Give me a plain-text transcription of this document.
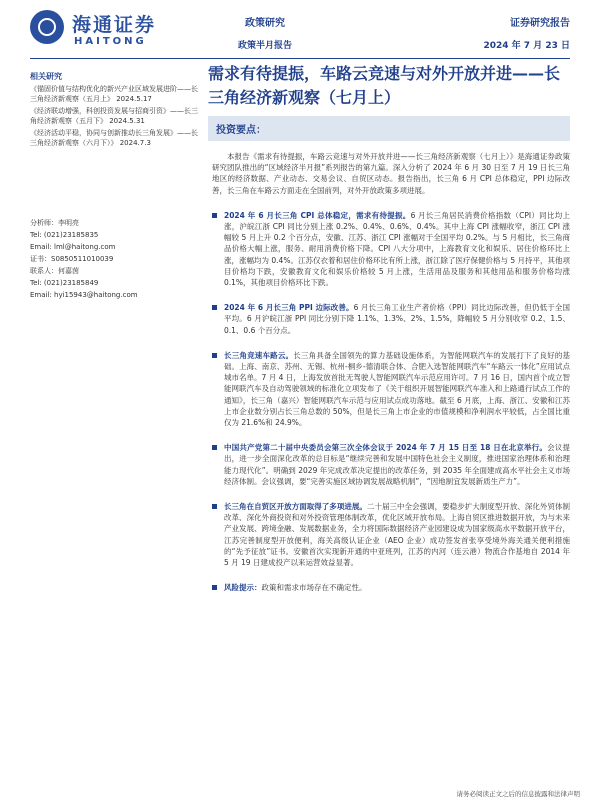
海通证券
HAITONG
政策研究
政策半月报告
证券研究报告
2024 年 7 月 23 日
相关研究
《锚固价值与结构优化的新兴产业区域发展进阶——长三角经济新观察（五月上》 2024.5.17
《经济联动增强，科创投资发展与招商引资》——长三角经济新观察（五月下》 2024.5.31
《经济活动平稳，协同与创新推动长三角发展》——长三角经济新观察（六月下）》 2024.7.3
分析师：李明亮
Tel: (021)23185835
Email: lml@haitong.com
证书：S0850511010039
联系人：何嘉茵
Tel: (021)23185849
Email: hyi15943@haitong.com
需求有待提振，车路云竞速与对外开放并进——长三角经济新观察（七月上）
投资要点：

本报告《需求有待提振，车路云竞速与对外开放并进——长三角经济新观察（七月上）》是海通证券政策研究团队推出的“区域经济半月报”系列报告的第九篇。深入分析了 2024 年 6 月 30 日至 7 月 19 日长三角地区的经济数据、产业动态、交易会议、自贸区动态。报告指出，长三角 6 月 CPI 总体稳定，PPI 边际改善，长三角在车路云方面走在全国前列，对外开放政策多项进展。

2024 年 6 月长三角 CPI 总体稳定，需求有待提振。6 月长三角居民消费价格指数（CPI）同比均上涨，沪皖江浙 CPI 同比分别上涨 0.2%、0.4%、0.6%、0.4%。其中上海 CPI 涨幅收窄，浙江 CPI 涨幅较 5 月上升 0.2 个百分点，安徽、江苏、浙江 CPI 涨幅对于全国平均 0.2%。与 5 月相比，长三角商品价格大幅上涨，服务、耐用消费价格下降。CPI 八大分项中，上海教育文化和娱乐、居住价格环比上涨，涨幅均为 0.4%。江苏仅衣着和居住价格环比有所上涨，浙江除了医疗保健价格与 5 月持平，其他项目价格均下跌，安徽教育文化和娱乐价格较 5 月上涨，生活用品及服务和其他用品和服务价格均涨 0.1%，其他项目价格环比下跌。
2024 年 6 月长三角 PPI 边际改善。6 月长三角工业生产者价格（PPI）同比边际改善，但仍低于全国平均。6 月沪皖江浙 PPI 同比分别下降 1.1%、1.3%、2%、1.5%，降幅较 5 月分别收窄 0.2、1.5、0.1、0.6 个百分点。
长三角竞速车路云。长三角具备全国领先的算力基础设施体系，为智能网联汽车的发展打下了良好的基础。上海、南京、苏州、无锡、杭州-桐乡-德清联合体、合肥入选智能网联汽车“车路云一体化”应用试点城市名单。7 月 4 日，上海发放首批无驾驶人智能网联汽车示范应用许可。7 月 16 日，国内首个成立智能网联汽车及自动驾驶领域的标准化立项发布了《关于组织开展智能网联汽车准入和上路通行试点工作的通知》，长三角（嘉兴）智能网联汽车示范与应用试点成功落地。截至 6 月底，上海、浙江、安徽和江苏上市企业数分别占长三角总数的 50%，但是长三角上市企业的市值规模和净利润水平较低，占全国比重仅为 21.6%和 24.9%。
中国共产党第二十届中央委员会第三次全体会议于 2024 年 7 月 15 日至 18 日在北京举行。会议提出，进一步全面深化改革的总目标是“继续完善和发展中国特色社会主义制度，推进国家治理体系和治理能力现代化”。明确到 2029 年完成改革决定提出的改革任务，到 2035 年全面建成高水平社会主义市场经济体制。会议强调，要“完善实施区域协调发展战略机制”，“因地制宜发展新质生产力”。
长三角在自贸区开放方面取得了多项进展。二十届三中全会强调，要稳步扩大制度型开放、深化外贸体制改革、深化外商投资和对外投资管理体制改革，优化区域开放布局。上海自贸区推进数据开放，为与未来产业发展、跨境金融、发展数据业务，全力将国际数据经济产业园建设成为国家级高水平数据开放平台，江苏完善制度型开放便利，海关高级认证企业（AEO 企业）成功签发首张享受境外海关通关便利措施的“先予征放”证书。安徽首次实现新开通的中亚班列，江苏的内河（连云港）物流合作基地自 2014 年 5 月 19 日建成投产以来运营效益显著。
风险提示：政策和需求市场存在不确定性。
请务必阅读正文之后的信息披露和法律声明
